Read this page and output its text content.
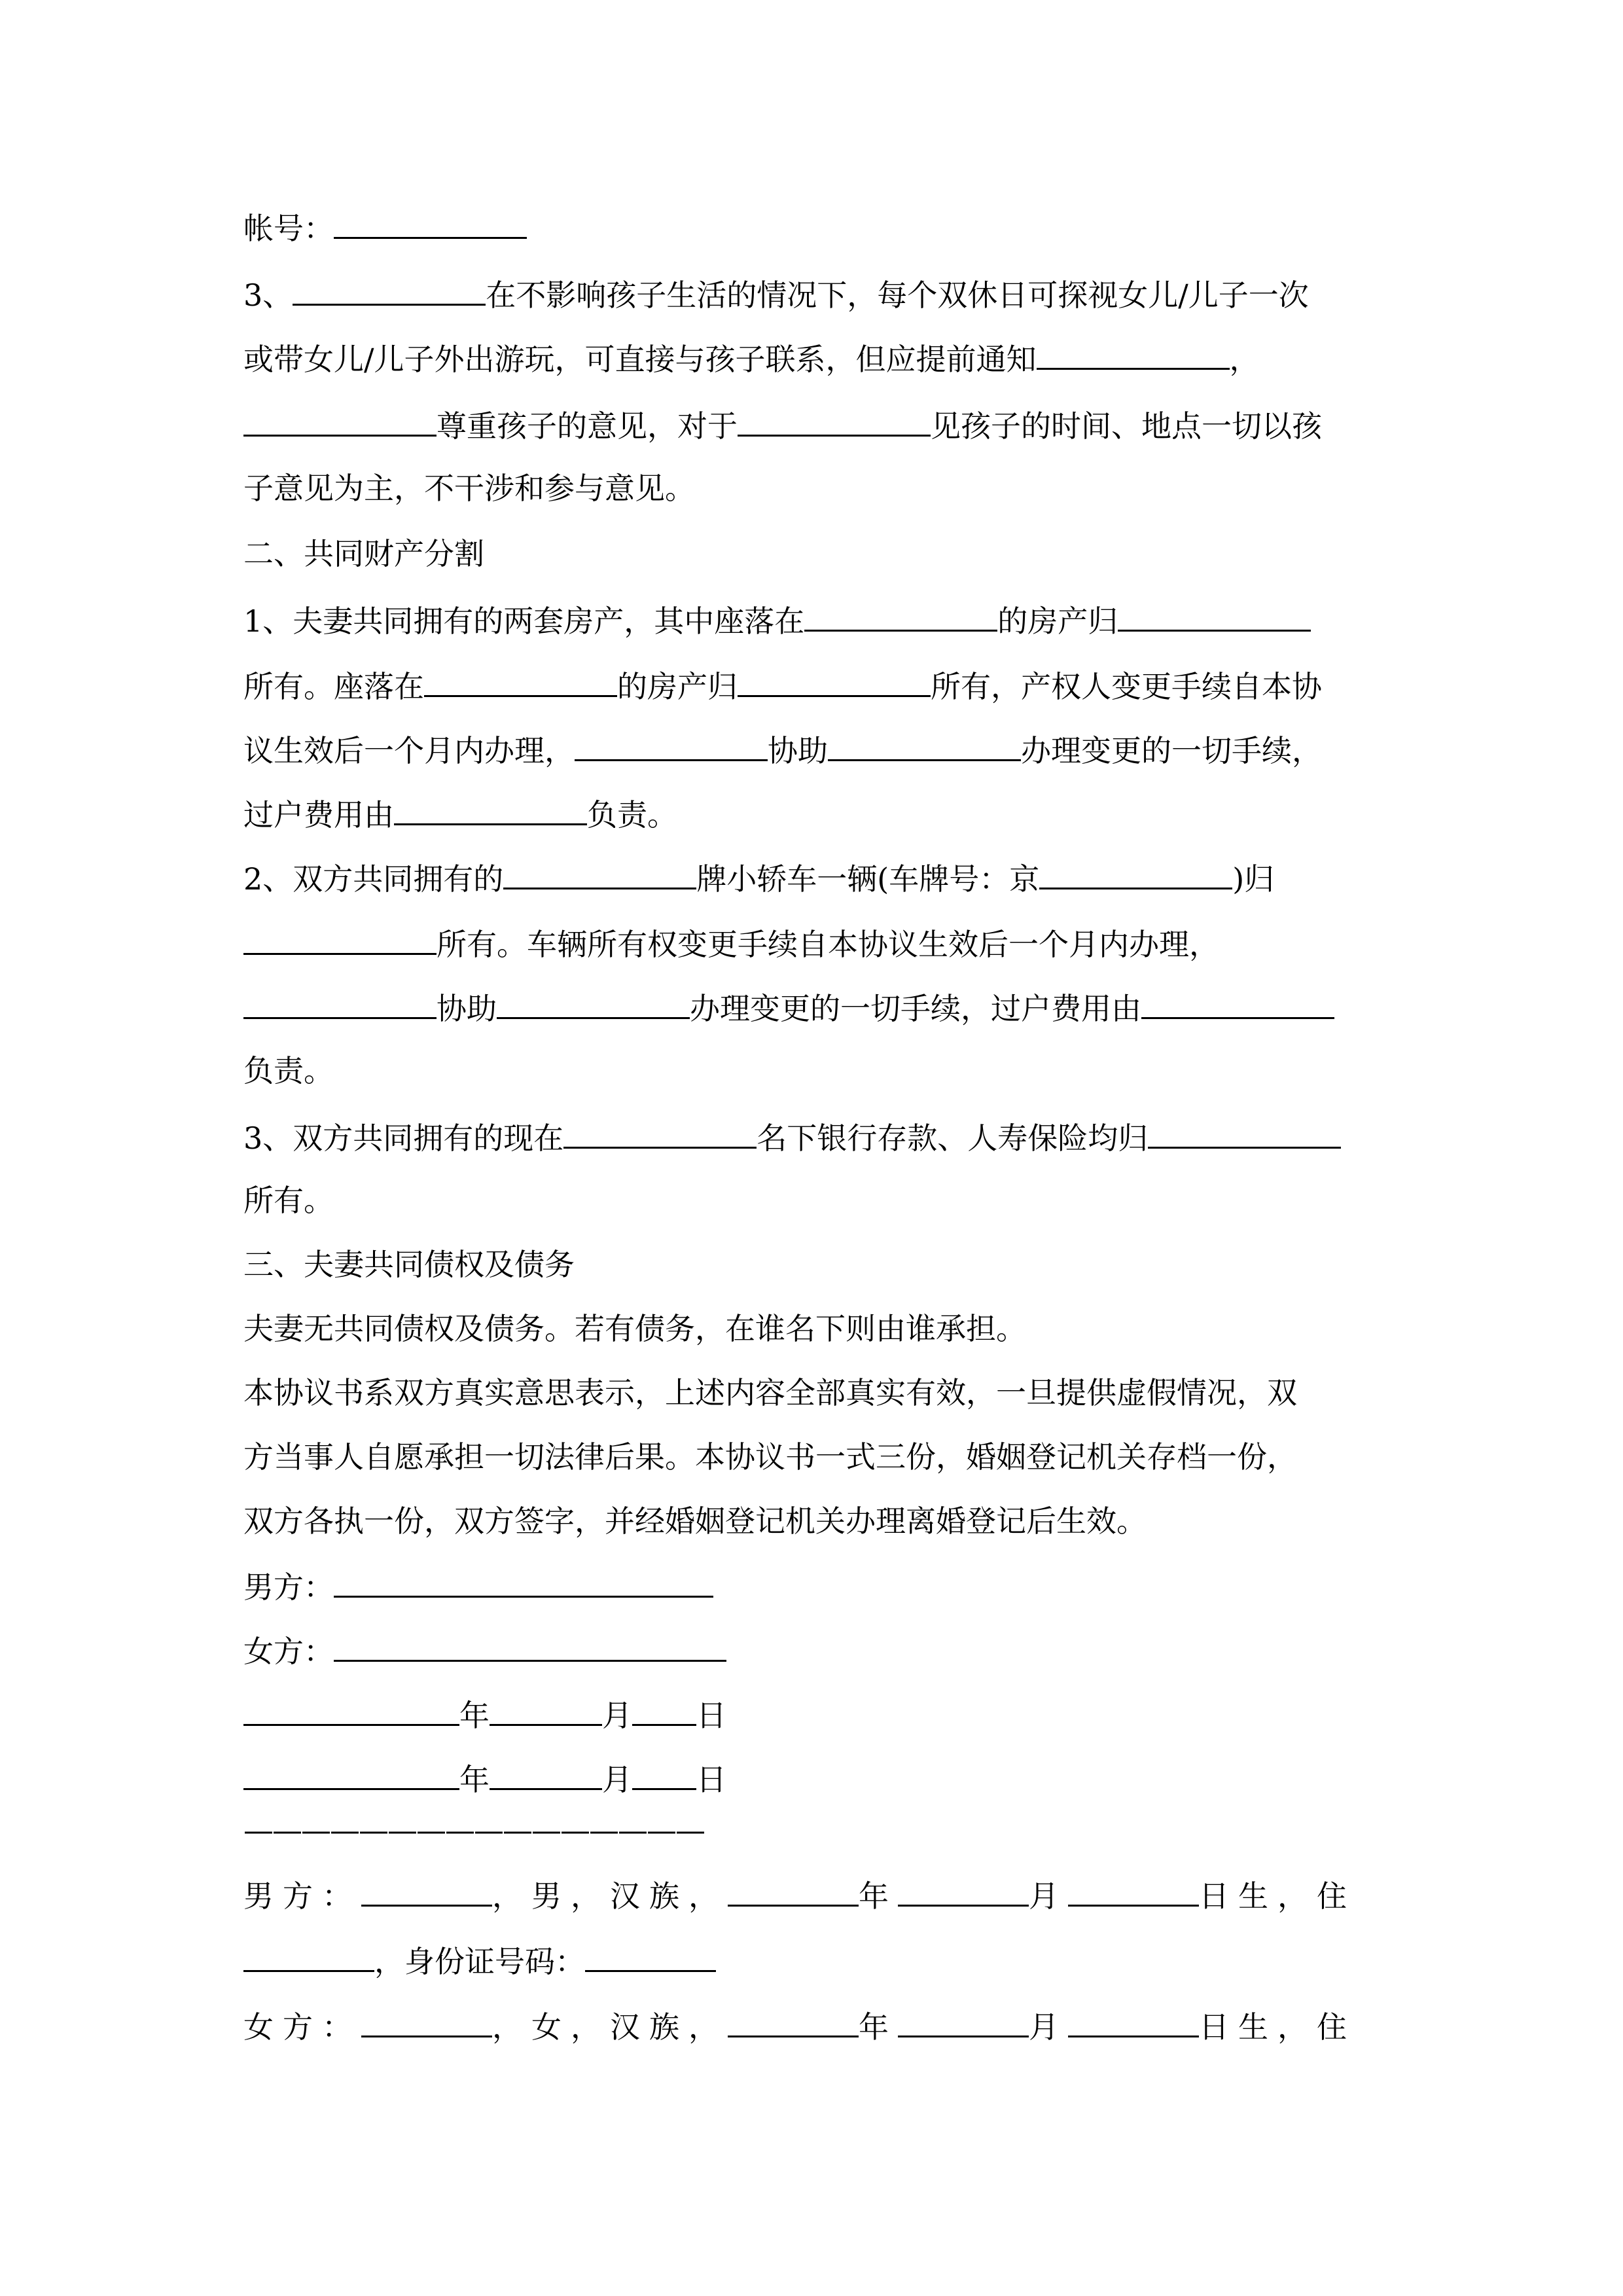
帐号：
3、	在不影响孩子生活的情况下，每个双休日可探视女儿/儿子一次
或带女儿/儿子外出游玩，可直接与孩子联系，但应提前通知	，
尊重孩子的意见，对于	见孩子的时间、地点一切以孩
子意见为主，不干涉和参与意见。
二、共同财产分割
1、夫妻共同拥有的两套房产，其中座落在	的房产归
所有。座落在	的房产归	所有，产权人变更手续自本协
议生效后一个月内办理，	协助	办理变更的一切手续，
过户费用由	负责。
2、双方共同拥有的	牌小轿车一辆(车牌号：京	)归
所有。车辆所有权变更手续自本协议生效后一个月内办理，
协助	办理变更的一切手续，过户费用由
负责。
3、双方共同拥有的现在	名下银行存款、人寿保险均归
所有。
三、夫妻共同债权及债务
夫妻无共同债权及债务。若有债务，在谁名下则由谁承担。
本协议书系双方真实意思表示，上述内容全部真实有效，一旦提供虚假情况，双
方当事人自愿承担一切法律后果。本协议书一式三份，婚姻登记机关存档一份，
双方各执一份，双方签字，并经婚姻登记机关办理离婚登记后生效。
男方：
女方：
年	月 日
年	月 日
————————————————
男方：	，男，汉族，	年	月	日生，住
，身份证号码：
女方：	，女，汉族，	年	月	日生，住
